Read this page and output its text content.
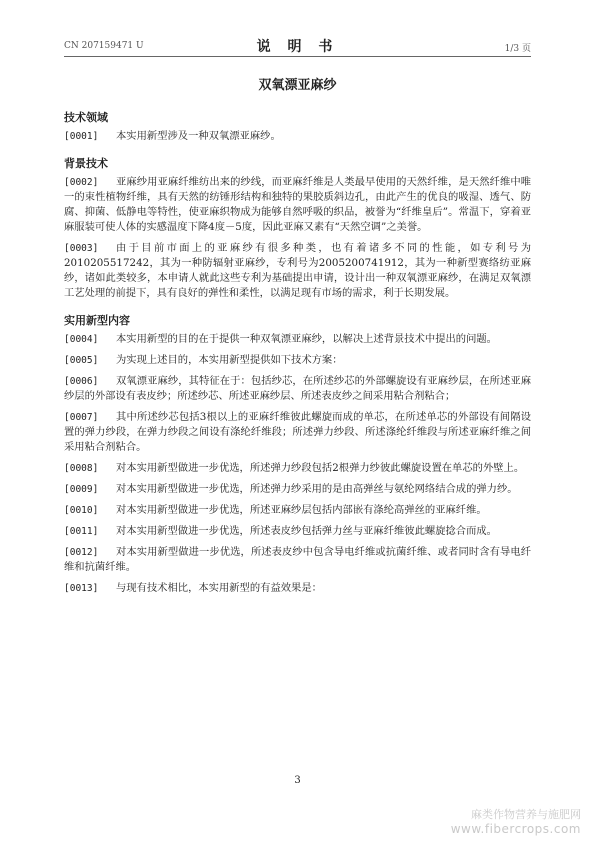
CN 207159471 U	说 明 书	1/3 页
双氧漂亚麻纱
技术领域
[0001]	本实用新型涉及一种双氧漂亚麻纱。
背景技术
[0002]	亚麻纱用亚麻纤维纺出来的纱线，而亚麻纤维是人类最早使用的天然纤维，是天然纤维中唯一的束性植物纤维，具有天然的纺锤形结构和独特的果胶质斜边孔，由此产生的优良的吸湿、透气、防腐、抑菌、低静电等特性，使亚麻织物成为能够自然呼吸的织品，被誉为“纤维皇后”。常温下，穿着亚麻服装可使人体的实感温度下降4度－5度，因此亚麻又素有“天然空调”之美誉。
[0003]	由于目前市面上的亚麻纱有很多种类，也有着诸多不同的性能，如专利号为2010205517242，其为一种防辐射亚麻纱，专利号为2005200741912，其为一种新型赛络纺亚麻纱，诸如此类较多，本申请人就此这些专利为基础提出申请，设计出一种双氧漂亚麻纱，在满足双氧漂工艺处理的前提下，具有良好的弹性和柔性，以满足现有市场的需求，利于长期发展。
实用新型内容
[0004]	本实用新型的目的在于提供一种双氧漂亚麻纱，以解决上述背景技术中提出的问题。
[0005]	为实现上述目的，本实用新型提供如下技术方案：
[0006]	双氧漂亚麻纱，其特征在于：包括纱芯，在所述纱芯的外部螺旋设有亚麻纱层，在所述亚麻纱层的外部设有表皮纱；所述纱芯、所述亚麻纱层、所述表皮纱之间采用粘合剂粘合；
[0007]	其中所述纱芯包括3根以上的亚麻纤维彼此螺旋而成的单芯，在所述单芯的外部设有间隔设置的弹力纱段，在弹力纱段之间设有涤纶纤维段；所述弹力纱段、所述涤纶纤维段与所述亚麻纤维之间采用粘合剂粘合。
[0008]	对本实用新型做进一步优选，所述弹力纱段包括2根弹力纱彼此螺旋设置在单芯的外壁上。
[0009]	对本实用新型做进一步优选，所述弹力纱采用的是由高弹丝与氨纶网络结合成的弹力纱。
[0010]	对本实用新型做进一步优选，所述亚麻纱层包括内部嵌有涤纶高弹丝的亚麻纤维。
[0011]	对本实用新型做进一步优选，所述表皮纱包括弹力丝与亚麻纤维彼此螺旋捻合而成。
[0012]	对本实用新型做进一步优选，所述表皮纱中包含导电纤维或抗菌纤维、或者同时含有导电纤维和抗菌纤维。
[0013]	与现有技术相比，本实用新型的有益效果是：
3
麻类作物营养与施肥网
www.fibercrops.com
